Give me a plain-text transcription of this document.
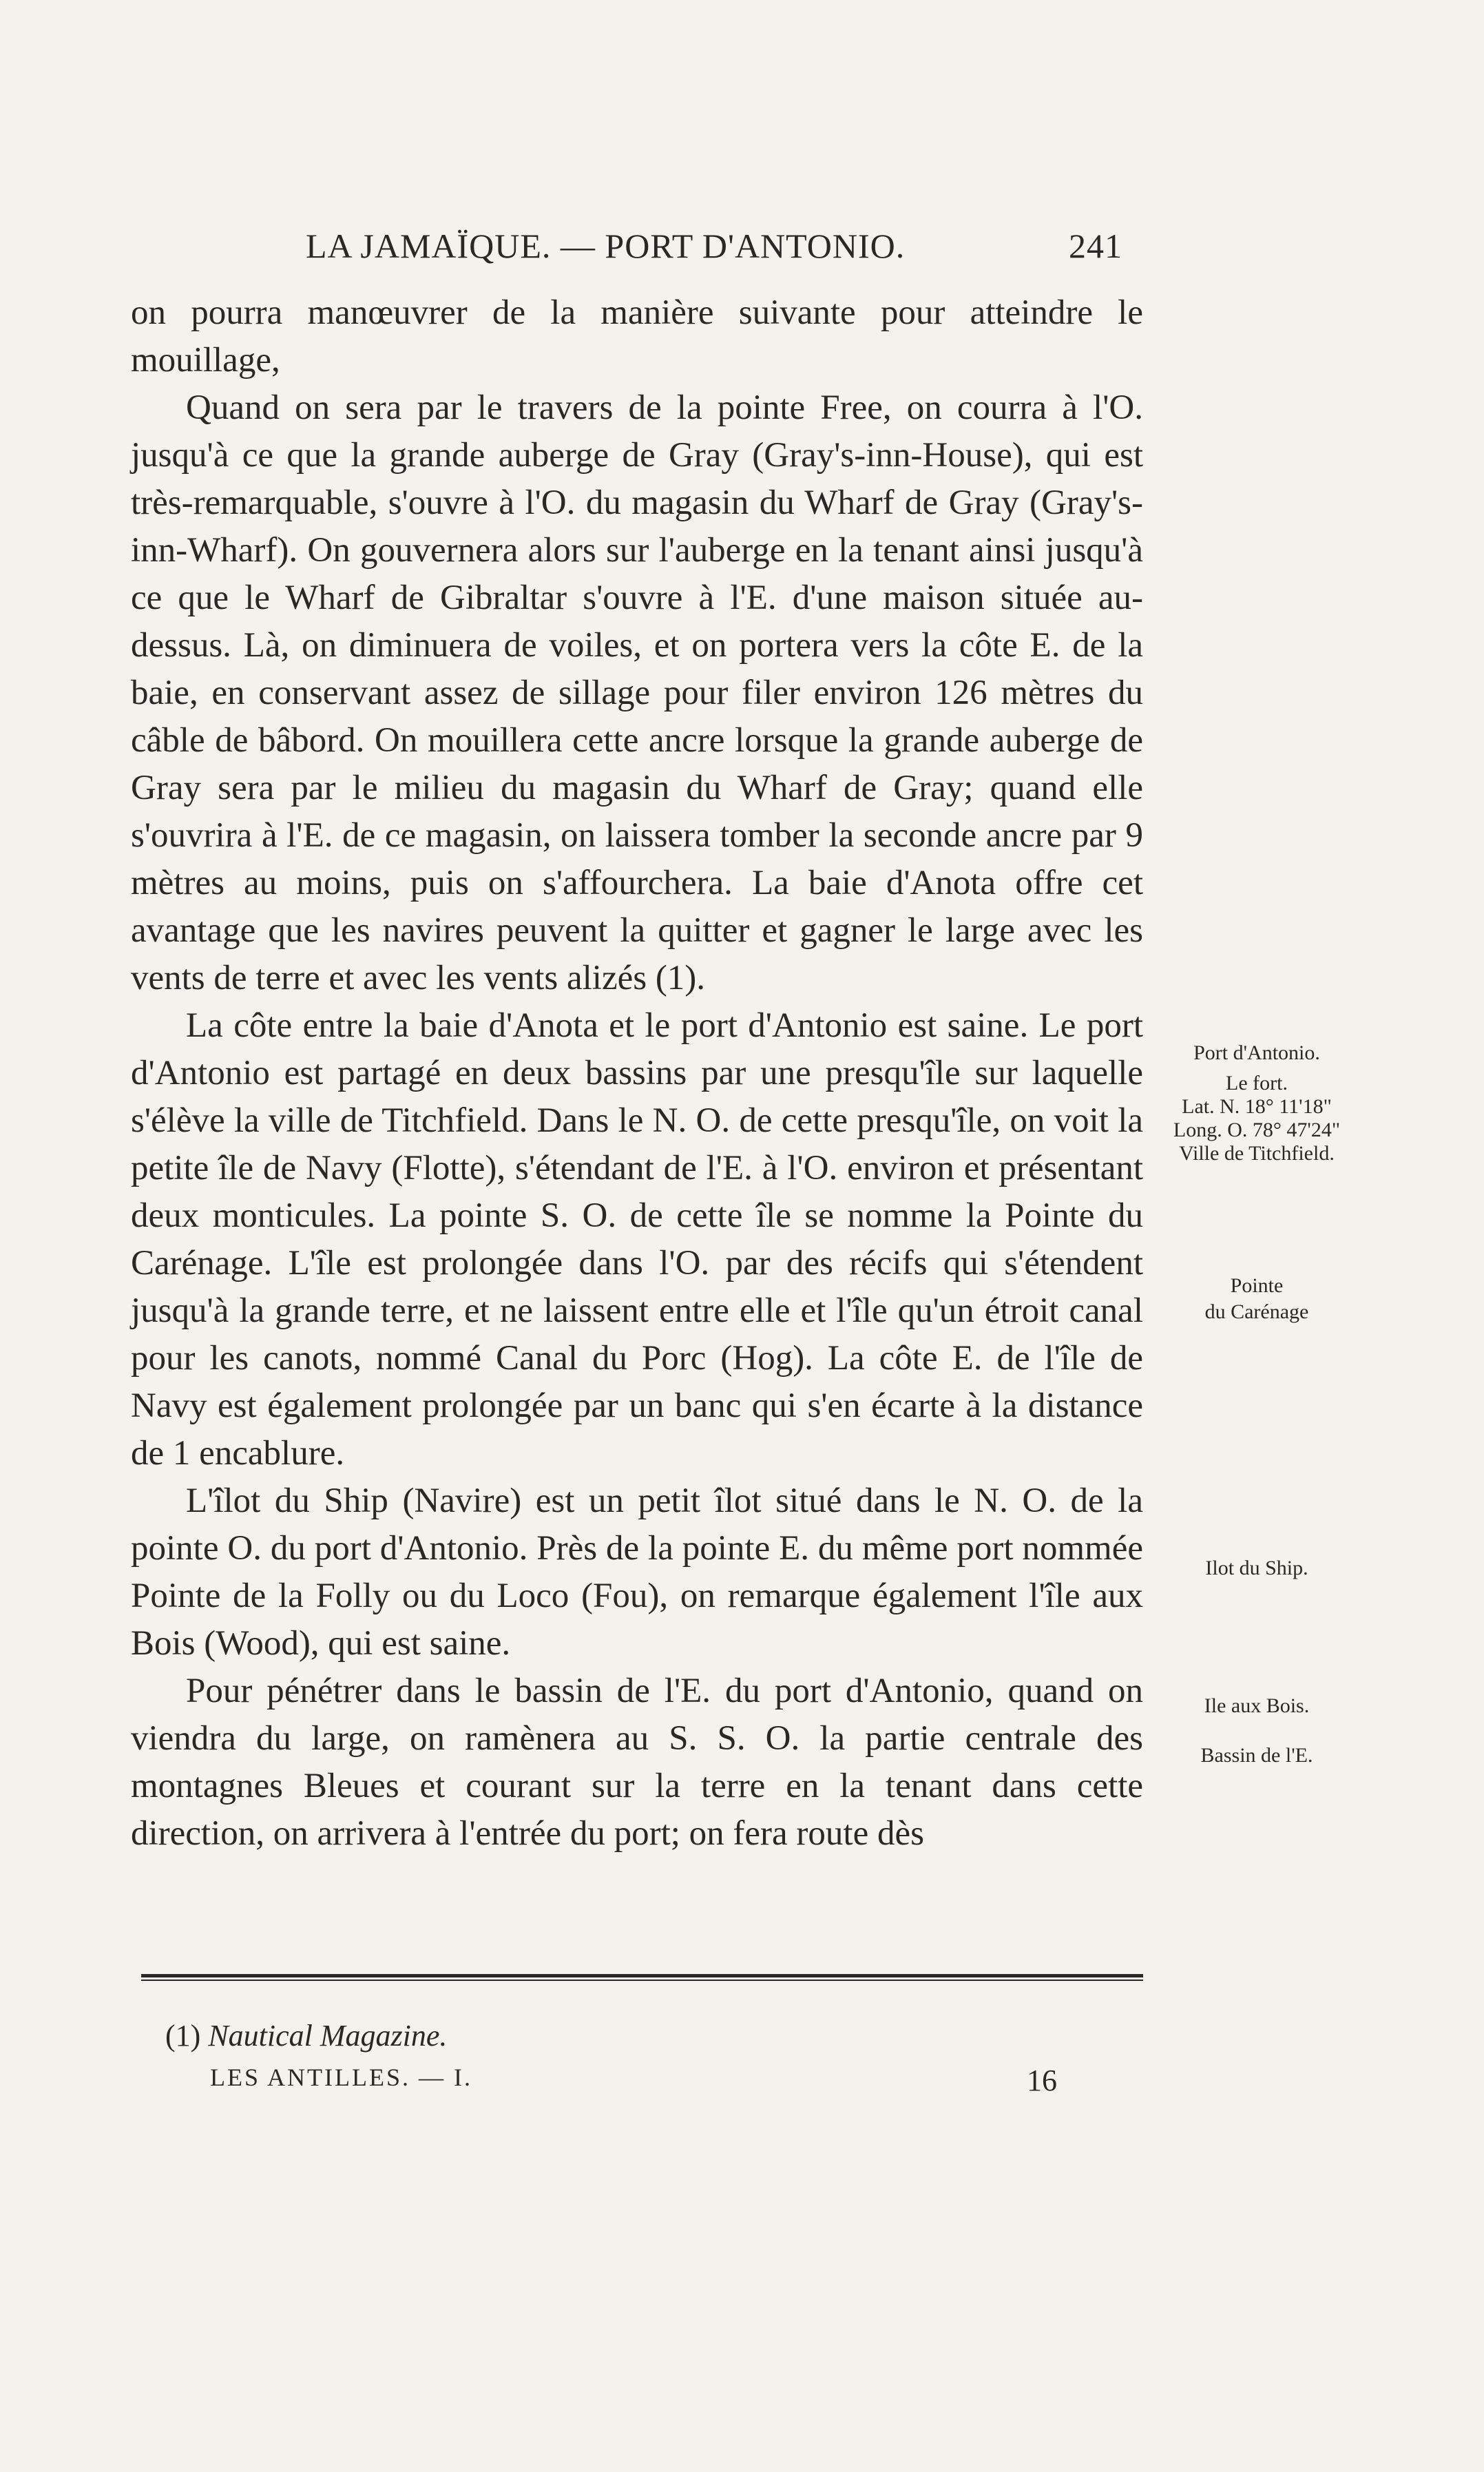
LA JAMAÏQUE. — PORT D'ANTONIO.	241

on pourra manœuvrer de la manière suivante pour atteindre le mouillage,

Quand on sera par le travers de la pointe Free, on courra à l'O. jusqu'à ce que la grande auberge de Gray (Gray's-inn-House), qui est très-remarquable, s'ouvre à l'O. du magasin du Wharf de Gray (Gray's-inn-Wharf). On gouvernera alors sur l'auberge en la tenant ainsi jusqu'à ce que le Wharf de Gibraltar s'ouvre à l'E. d'une maison située au-dessus. Là, on diminuera de voiles, et on portera vers la côte E. de la baie, en conservant assez de sillage pour filer environ 126 mètres du câble de bâbord. On mouillera cette ancre lorsque la grande auberge de Gray sera par le milieu du magasin du Wharf de Gray; quand elle s'ouvrira à l'E. de ce magasin, on laissera tomber la seconde ancre par 9 mètres au moins, puis on s'affourchera. La baie d'Anota offre cet avantage que les navires peuvent la quitter et gagner le large avec les vents de terre et avec les vents alizés (1).

La côte entre la baie d'Anota et le port d'Antonio est saine. Le port d'Antonio est partagé en deux bassins par une presqu'île sur laquelle s'élève la ville de Titchfield. Dans le N. O. de cette presqu'île, on voit la petite île de Navy (Flotte), s'étendant de l'E. à l'O. environ et présentant deux monticules. La pointe S. O. de cette île se nomme la Pointe du Carénage. L'île est prolongée dans l'O. par des récifs qui s'étendent jusqu'à la grande terre, et ne laissent entre elle et l'île qu'un étroit canal pour les canots, nommé Canal du Porc (Hog). La côte E. de l'île de Navy est également prolongée par un banc qui s'en écarte à la distance de 1 encablure.

L'îlot du Ship (Navire) est un petit îlot situé dans le N. O. de la pointe O. du port d'Antonio. Près de la pointe E. du même port nommée Pointe de la Folly ou du Loco (Fou), on remarque également l'île aux Bois (Wood), qui est saine.

Pour pénétrer dans le bassin de l'E. du port d'Antonio, quand on viendra du large, on ramènera au S. S. O. la partie centrale des montagnes Bleues et courant sur la terre en la tenant dans cette direction, on arrivera à l'entrée du port; on fera route dès

Port d'Antonio.
Le fort.
Lat. N. 18° 11'18"
Long. O. 78° 47'24"
Ville de Titchfield.
Pointe
du Carénage
Ilot du Ship.
Ile aux Bois.
Bassin de l'E.
(1) Nautical Magazine.
LES ANTILLES. — I.	16
